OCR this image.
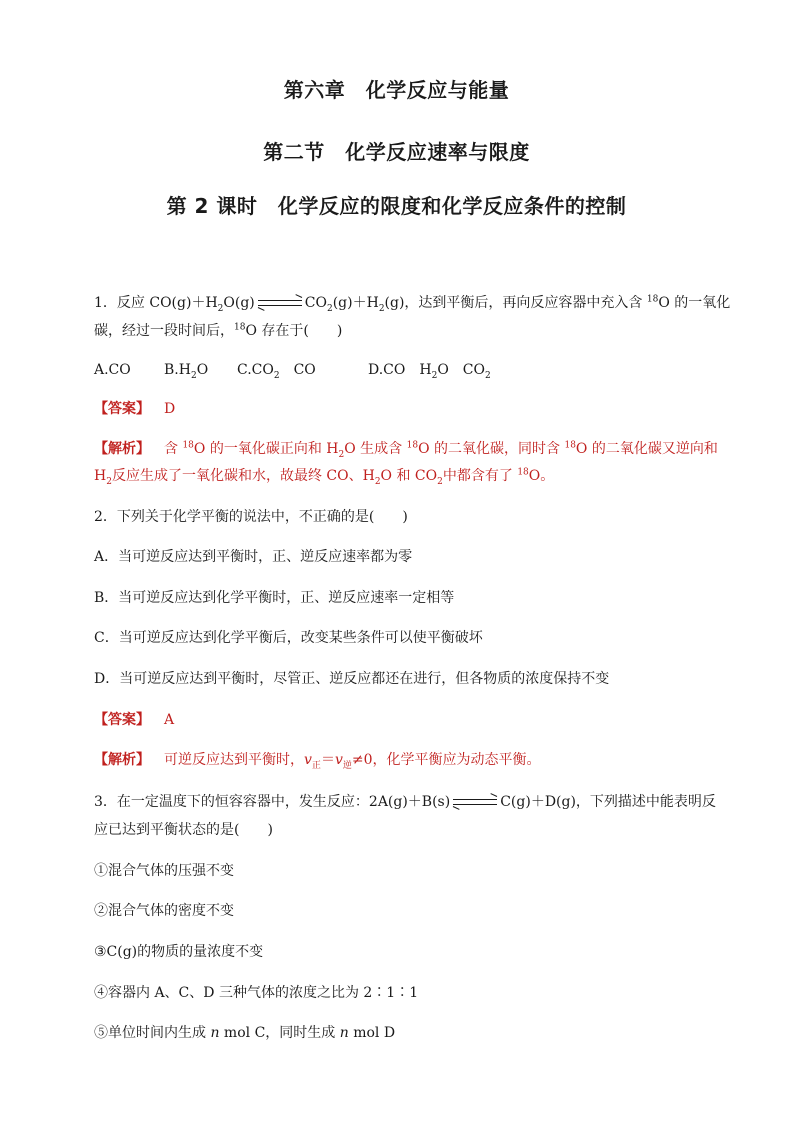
第六章　化学反应与能量
第二节　化学反应速率与限度
第 2 课时　化学反应的限度和化学反应条件的控制
1．反应 $CO(g)+H_2O(g)$	$CO_2(g)+H_2(g)$，达到平衡后，再向反应容器中充入含 $^{18}$O 的一氧化
碳，经过一段时间后，$^{18}$O 存在于(　　)
A.CO $B.H_2O$ $C.CO_2$　CO	D.CO　$H_2O$　$CO_2$
【答案】 D
【解析】 含 $^{18}$O 的一氧化碳正向和 $H_2O$ 生成含 $^{18}$O 的二氧化碳，同时含 $^{18}$O 的二氧化碳又逆向和
$H_2$反应生成了一氧化碳和水，故最终 CO、$H_2O$ 和 $CO_2$中都含有了 $^{18}$O。
2．下列关于化学平衡的说法中，不正确的是(　　)
A．当可逆反应达到平衡时，正、逆反应速率都为零
B．当可逆反应达到化学平衡时，正、逆反应速率一定相等
C．当可逆反应达到化学平衡后，改变某些条件可以使平衡破坏
D．当可逆反应达到平衡时，尽管正、逆反应都还在进行，但各物质的浓度保持不变
【答案】 A
【解析】 可逆反应达到平衡时，$v_正=v_逆\ne 0$，化学平衡应为动态平衡。
3．在一定温度下的恒容容器中，发生反应：2A(g)＋B(s)	C(g)＋D(g)，下列描述中能表明反
应已达到平衡状态的是(　　)
①混合气体的压强不变
②混合气体的密度不变
③C(g)的物质的量浓度不变
④容器内 A、C、D 三种气体的浓度之比为 2∶1∶1
⑤单位时间内生成 n mol C，同时生成 n mol D
